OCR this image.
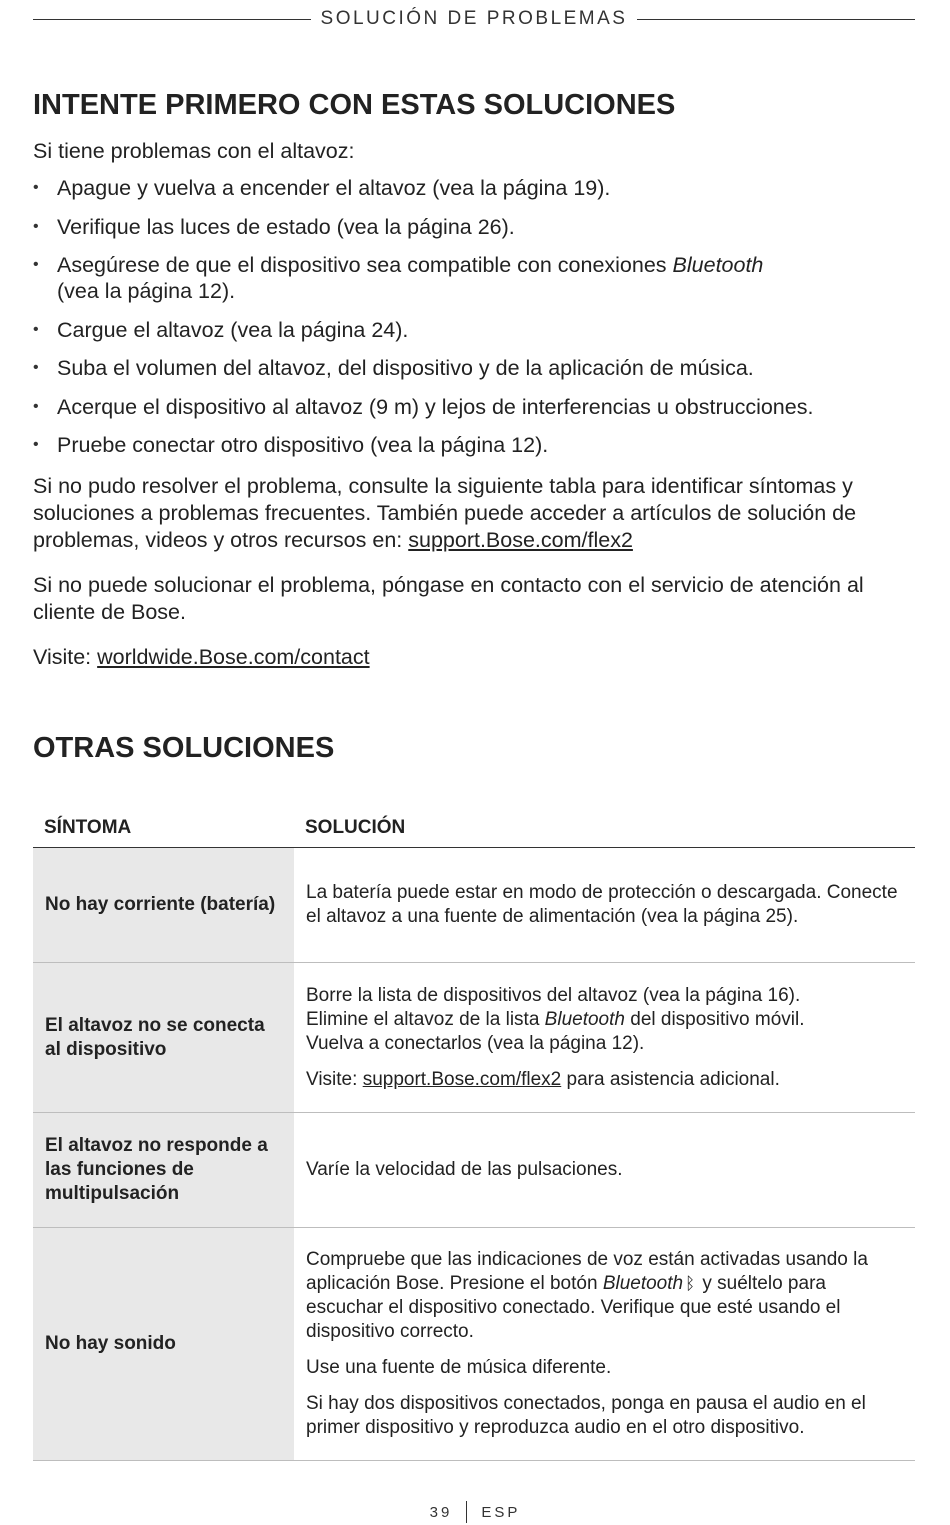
SOLUCIÓN DE PROBLEMAS
INTENTE PRIMERO CON ESTAS SOLUCIONES

Si tiene problemas con el altavoz:

• Apague y vuelva a encender el altavoz (vea la página 19).
• Verifique las luces de estado (vea la página 26).
• Asegúrese de que el dispositivo sea compatible con conexiones Bluetooth
(vea la página 12).
• Cargue el altavoz (vea la página 24).
• Suba el volumen del altavoz, del dispositivo y de la aplicación de música.
• Acerque el dispositivo al altavoz (9 m) y lejos de interferencias u obstrucciones.
• Pruebe conectar otro dispositivo (vea la página 12).

Si no pudo resolver el problema, consulte la siguiente tabla para identificar síntomas y soluciones a problemas frecuentes. También puede acceder a artículos de solución de problemas, videos y otros recursos en: support.Bose.com/flex2

Si no puede solucionar el problema, póngase en contacto con el servicio de atención al cliente de Bose.

Visite: worldwide.Bose.com/contact

OTRAS SOLUCIONES
SÍNTOMA	SOLUCIÓN
No hay corriente (batería)	La batería puede estar en modo de protección o descargada. Conecte el altavoz a una fuente de alimentación (vea la página 25).

El altavoz no se conecta al dispositivo	Borre la lista de dispositivos del altavoz (vea la página 16).
Elimine el altavoz de la lista Bluetooth del dispositivo móvil.
Vuelva a conectarlos (vea la página 12).

Visite: support.Bose.com/flex2 para asistencia adicional.

El altavoz no responde a las funciones de multipulsación	Varíe la velocidad de las pulsaciones.

No hay sonido	Compruebe que las indicaciones de voz están activadas usando la aplicación Bose. Presione el botón Bluetooth ᛒ y suéltelo para escuchar el dispositivo conectado. Verifique que esté usando el dispositivo correcto.

Use una fuente de música diferente.

Si hay dos dispositivos conectados, ponga en pausa el audio en el primer dispositivo y reproduzca audio en el otro dispositivo.

39 ESP
